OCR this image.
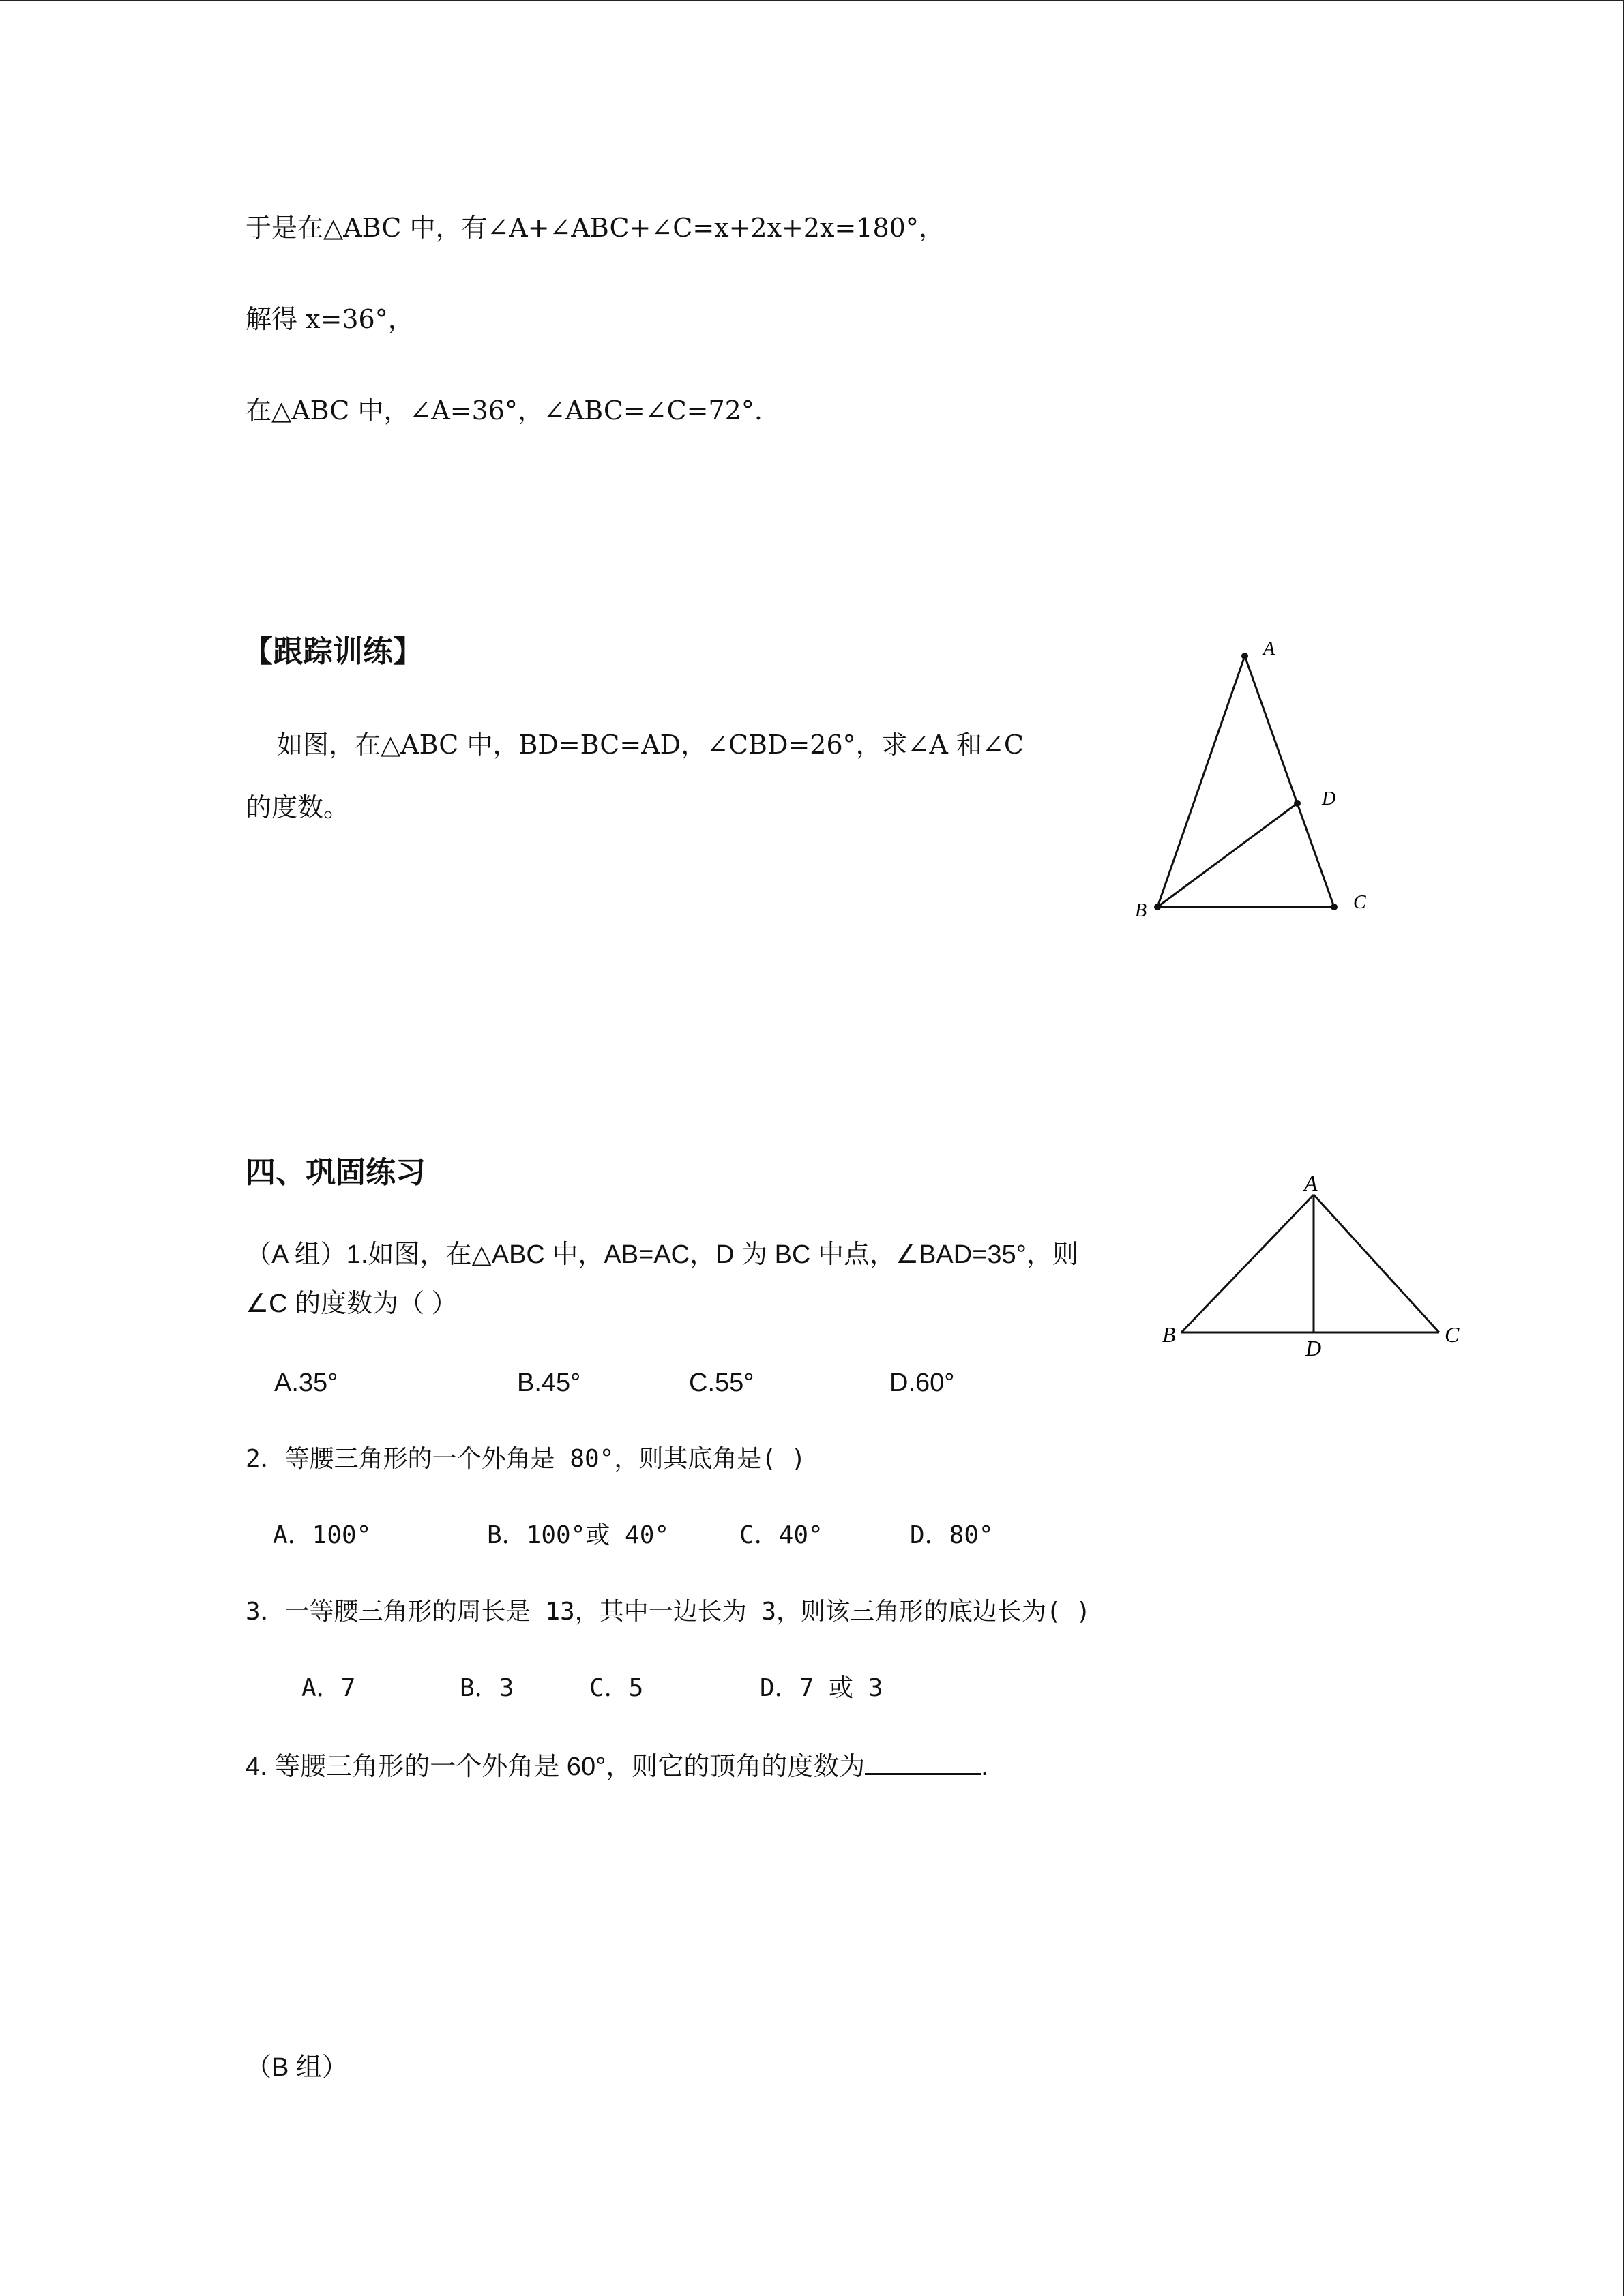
于是在△ABC 中，有∠A+∠ABC+∠C=x+2x+2x=180°，
解得 x=36°，
在△ABC 中，∠A=36°，∠ABC=∠C=72°.
【跟踪训练】
如图，在△ABC 中，BD=BC=AD，∠CBD=26°，求∠A 和∠C
的度数。
A
D
B	C
四、巩固练习
（A 组）1.如图，在△ABC 中，AB=AC，D 为 BC 中点，∠BAD=35°，则
∠C 的度数为（ ）
A.35°	B.45°	C.55°	D.60°
A
B	C
D
2．等腰三角形的一个外角是 80°，则其底角是( )
A．100°	B．100°或 40°	C．40°	D．80°
3．一等腰三角形的周长是 13，其中一边长为 3，则该三角形的底边长为( )
A．7	B．3	C．5	D．7 或 3
4. 等腰三角形的一个外角是 60°，则它的顶角的度数为	.
（B 组）
